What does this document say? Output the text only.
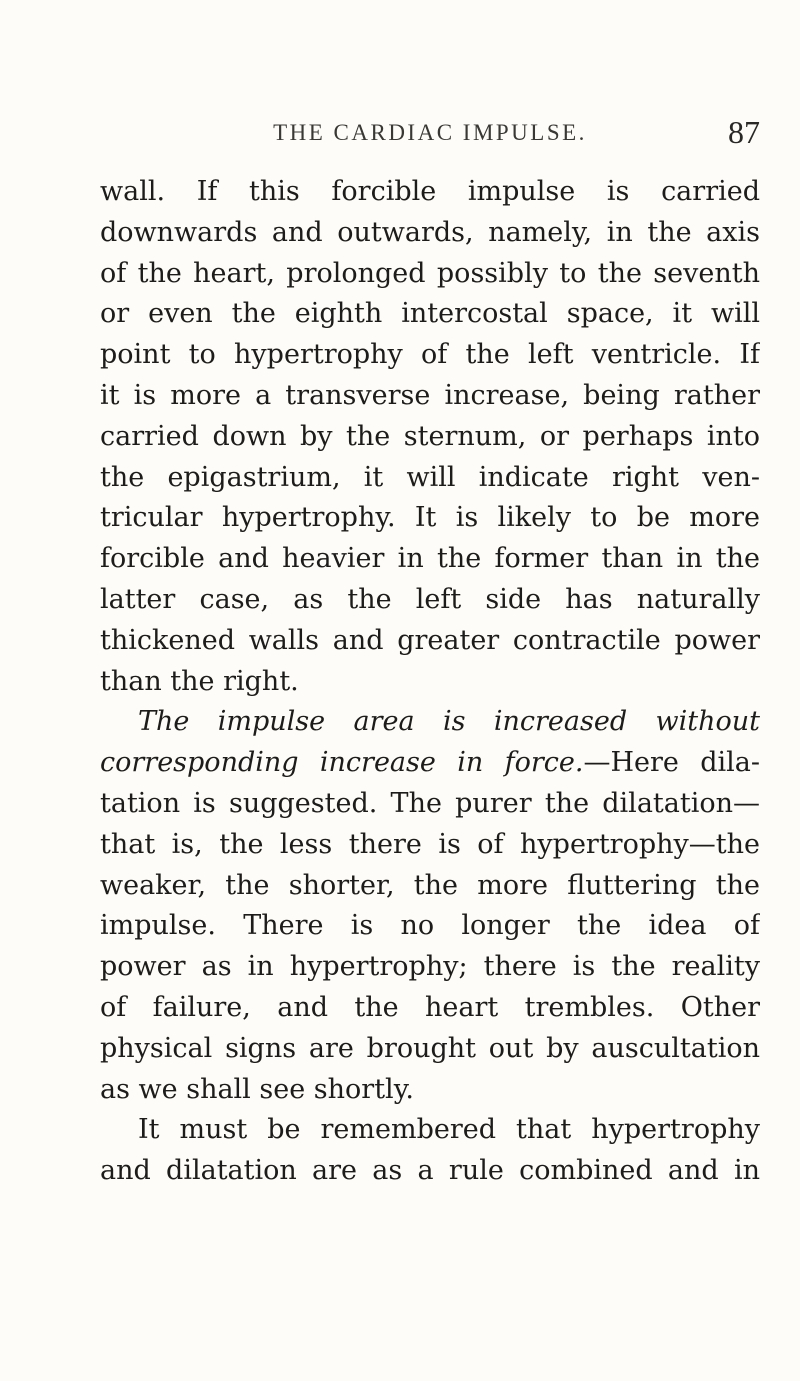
THE CARDIAC IMPULSE.	87
wall. If this forcible impulse is carried
downwards and outwards, namely, in the axis
of the heart, prolonged possibly to the seventh
or even the eighth intercostal space, it will
point to hypertrophy of the left ventricle. If
it is more a transverse increase, being rather
carried down by the sternum, or perhaps into
the epigastrium, it will indicate right ven-
tricular hypertrophy. It is likely to be more
forcible and heavier in the former than in the
latter case, as the left side has naturally
thickened walls and greater contractile power
than the right.
The impulse area is increased without
corresponding increase in force.—Here dila-
tation is suggested. The purer the dilatation—
that is, the less there is of hypertrophy—the
weaker, the shorter, the more fluttering the
impulse. There is no longer the idea of
power as in hypertrophy; there is the reality
of failure, and the heart trembles. Other
physical signs are brought out by auscultation
as we shall see shortly.
It must be remembered that hypertrophy
and dilatation are as a rule combined and in
